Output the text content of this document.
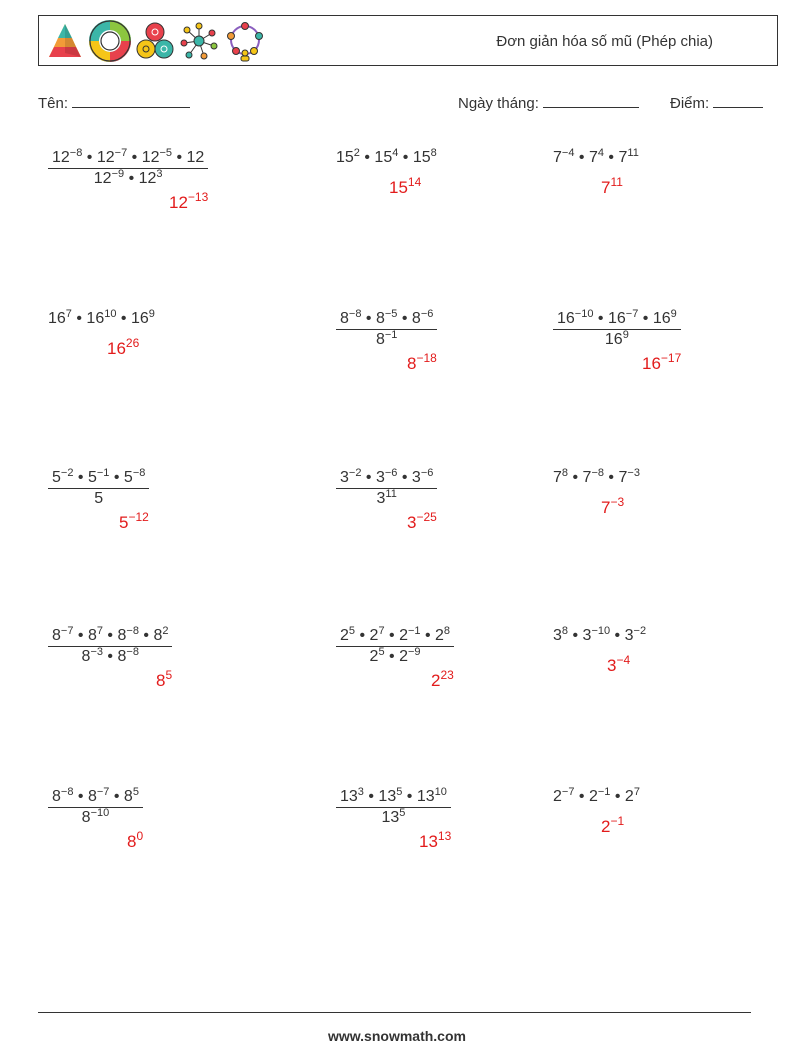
Đơn giản hóa số mũ (Phép chia)
Tên:	Ngày tháng:	Điểm:
$\frac{12^{-8} • 12^{-7} • 12^{-5} • 12}{12^{-9} • 12^3}$
$12^{-13}$
$15^2$ • $15^4$ • $15^8$
$15^{14}$
$7^{-4}$ • $7^4$ • $7^{11}$
$7^{11}$
$16^7$ • $16^{10}$ • $16^9$
$16^{26}$	$\frac{8^{-8} • 8^{-5} • 8^{-6}}{8^{-1}}$
$8^{-18}$
$\frac{16^{-10} • 16^{-7} • 16^9}{16^9}$
$16^{-17}$
$\frac{5^{-2} • 5^{-1} • 5^{-8}}{5}$
$5^{-12}$
$\frac{3^{-2} • 3^{-6} • 3^{-6}}{3^{11}}$
$3^{-25}$
$7^8$ • $7^{-8}$ • $7^{-3}$
$7^{-3}$
$\frac{8^{-7} • 8^7 • 8^{-8} • 8^2}{8^{-3} • 8^{-8}}$
$8^5$
$\frac{2^5 • 2^7 • 2^{-1} • 2^8}{2^5 • 2^{-9}}$
$2^{23}$
$3^8$ • $3^{-10}$ • $3^{-2}$
$3^{-4}$
$\frac{8^{-8} • 8^{-7} • 8^5}{8^{-10}}$
$8^0$
$\frac{13^3 • 13^5 • 13^{10}}{13^5}$
$13^{13}$
$2^{-7}$ • $2^{-1}$ • $2^7$
$2^{-1}$
www.snowmath.com
